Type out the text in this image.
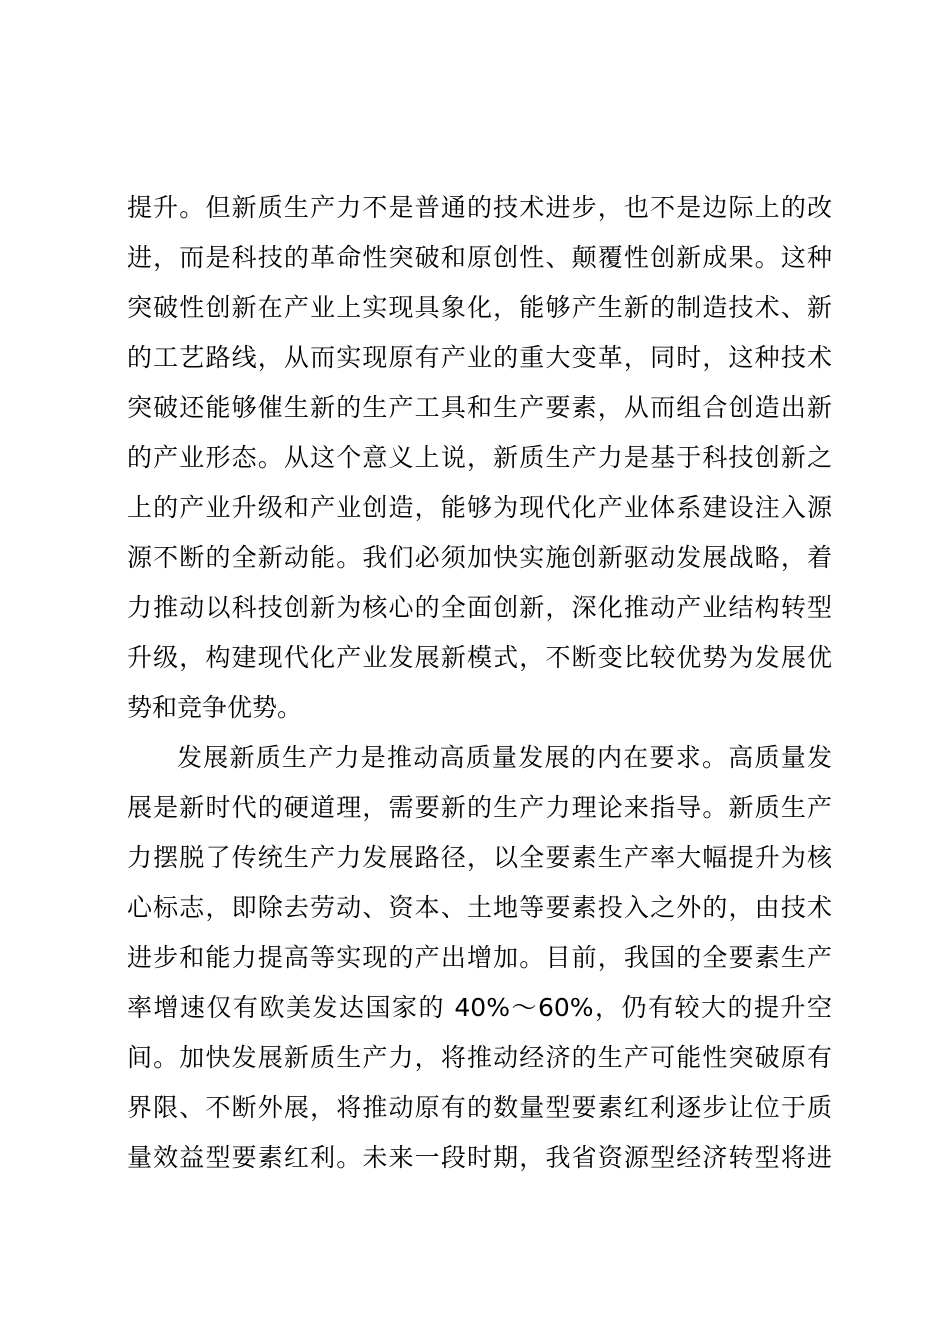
提升。但新质生产力不是普通的技术进步，也不是边际上的改
进，而是科技的革命性突破和原创性、颠覆性创新成果。这种
突破性创新在产业上实现具象化，能够产生新的制造技术、新
的工艺路线，从而实现原有产业的重大变革，同时，这种技术
突破还能够催生新的生产工具和生产要素，从而组合创造出新
的产业形态。从这个意义上说，新质生产力是基于科技创新之
上的产业升级和产业创造，能够为现代化产业体系建设注入源
源不断的全新动能。我们必须加快实施创新驱动发展战略，着
力推动以科技创新为核心的全面创新，深化推动产业结构转型
升级，构建现代化产业发展新模式，不断变比较优势为发展优
势和竞争优势。
发展新质生产力是推动高质量发展的内在要求。高质量发
展是新时代的硬道理，需要新的生产力理论来指导。新质生产
力摆脱了传统生产力发展路径，以全要素生产率大幅提升为核
心标志，即除去劳动、资本、土地等要素投入之外的，由技术
进步和能力提高等实现的产出增加。目前，我国的全要素生产
率增速仅有欧美发达国家的 40%～60%，仍有较大的提升空
间。加快发展新质生产力，将推动经济的生产可能性突破原有
界限、不断外展，将推动原有的数量型要素红利逐步让位于质
量效益型要素红利。未来一段时期，我省资源型经济转型将进
